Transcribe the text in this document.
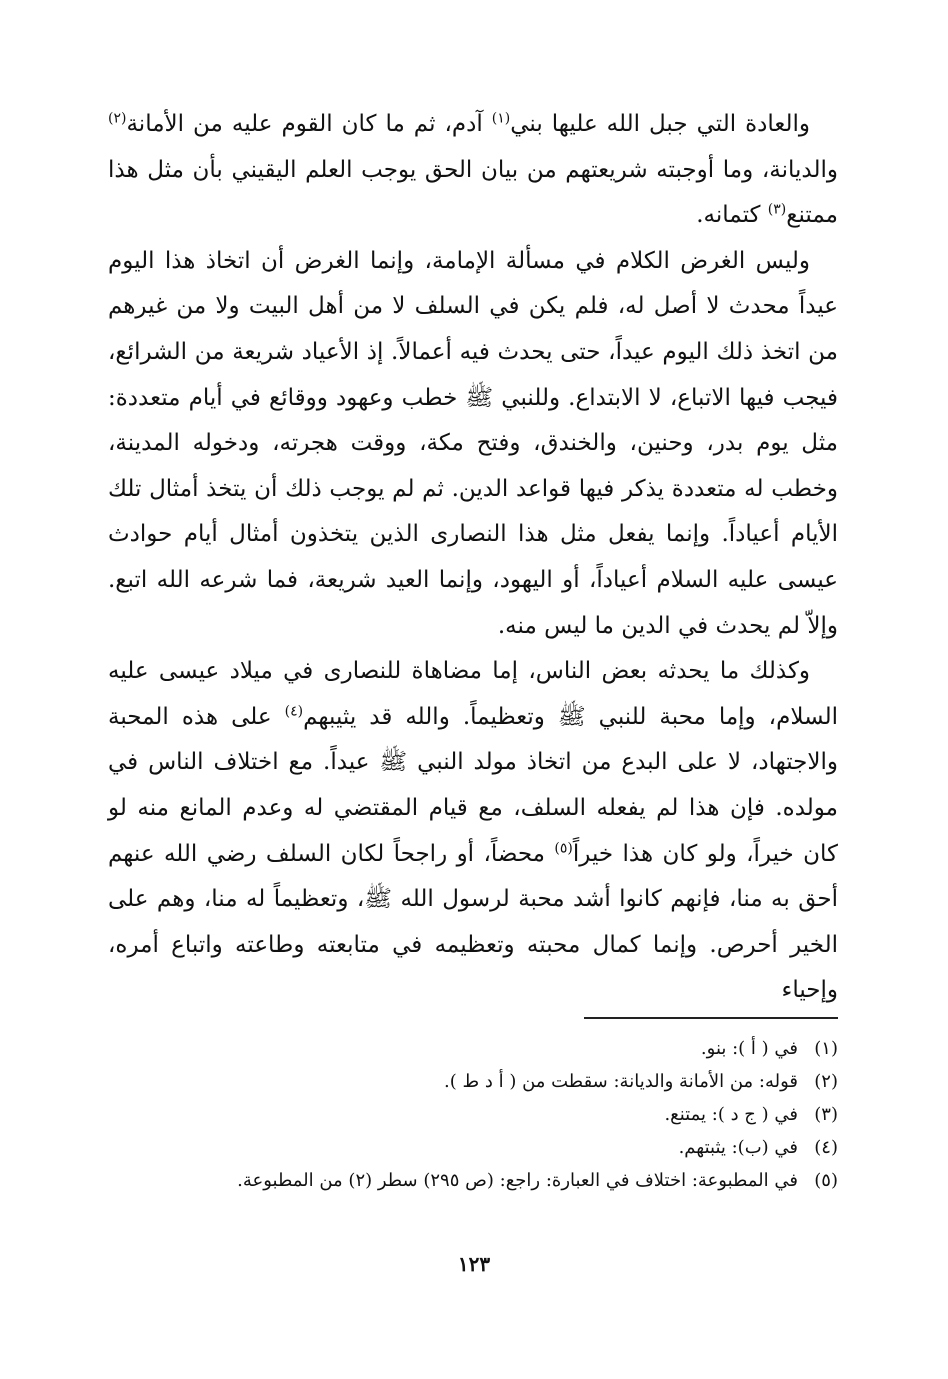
والعادة التي جبل الله عليها بني$^{(١)}$ آدم، ثم ما كان القوم عليه من الأمانة$^{(٢)}$ والديانة، وما أوجبته شريعتهم من بيان الحق يوجب العلم اليقيني بأن مثل هذا ممتنع$^{(٣)}$ كتمانه.

وليس الغرض الكلام في مسألة الإمامة، وإنما الغرض أن اتخاذ هذا اليوم عيداً محدث لا أصل له، فلم يكن في السلف لا من أهل البيت ولا من غيرهم من اتخذ ذلك اليوم عيداً، حتى يحدث فيه أعمالاً. إذ الأعياد شريعة من الشرائع، فيجب فيها الاتباع، لا الابتداع. وللنبي ﷺ خطب وعهود ووقائع في أيام متعددة: مثل يوم بدر، وحنين، والخندق، وفتح مكة، ووقت هجرته، ودخوله المدينة، وخطب له متعددة يذكر فيها قواعد الدين. ثم لم يوجب ذلك أن يتخذ أمثال تلك الأيام أعياداً. وإنما يفعل مثل هذا النصارى الذين يتخذون أمثال أيام حوادث عيسى عليه السلام أعياداً، أو اليهود، وإنما العيد شريعة، فما شرعه الله اتبع. وإلاّ لم يحدث في الدين ما ليس منه.

وكذلك ما يحدثه بعض الناس، إما مضاهاة للنصارى في ميلاد عيسى عليه السلام، وإما محبة للنبي ﷺ وتعظيماً. والله قد يثيبهم$^{(٤)}$ على هذه المحبة والاجتهاد، لا على البدع من اتخاذ مولد النبي ﷺ عيداً. مع اختلاف الناس في مولده. فإن هذا لم يفعله السلف، مع قيام المقتضي له وعدم المانع منه لو كان خيراً، ولو كان هذا خيراً$^{(٥)}$ محضاً، أو راجحاً لكان السلف رضي الله عنهم أحق به منا، فإنهم كانوا أشد محبة لرسول الله ﷺ، وتعظيماً له منا، وهم على الخير أحرص. وإنما كمال محبته وتعظيمه في متابعته وطاعته واتباع أمره، وإحياء

(١)في ( أ ): بنو.
(٢)قوله: من الأمانة والديانة: سقطت من ( أ د ط ).
(٣)في ( ج د ): يمتنع.
(٤)في (ب): يثبتهم.
(٥)في المطبوعة: اختلاف في العبارة: راجع: (ص ٢٩٥) سطر (٢) من المطبوعة.
١٢٣
